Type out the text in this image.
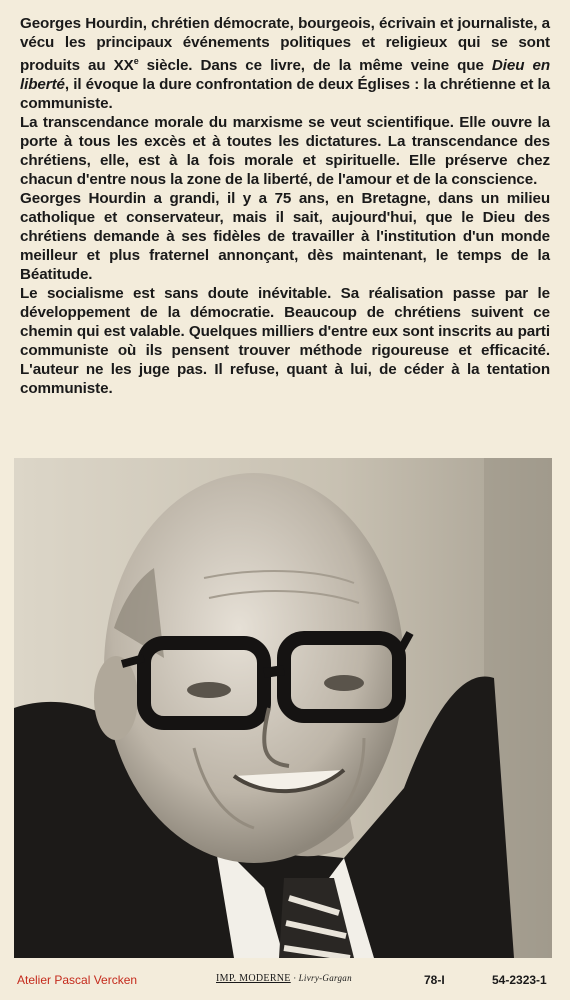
Georges Hourdin, chrétien démocrate, bourgeois, écrivain et journaliste, a vécu les principaux événements politiques et religieux qui se sont produits au XXe siècle. Dans ce livre, de la même veine que Dieu en liberté, il évoque la dure confrontation de deux Églises : la chrétienne et la communiste.

La transcendance morale du marxisme se veut scientifique. Elle ouvre la porte à tous les excès et à toutes les dictatures. La transcendance des chrétiens, elle, est à la fois morale et spirituelle. Elle préserve chez chacun d'entre nous la zone de la liberté, de l'amour et de la conscience.

Georges Hourdin a grandi, il y a 75 ans, en Bretagne, dans un milieu catholique et conservateur, mais il sait, aujourd'hui, que le Dieu des chrétiens demande à ses fidèles de travailler à l'institution d'un monde meilleur et plus fraternel annonçant, dès maintenant, le temps de la Béatitude.

Le socialisme est sans doute inévitable. Sa réalisation passe par le développement de la démocratie. Beaucoup de chrétiens suivent ce chemin qui est valable. Quelques milliers d'entre eux sont inscrits au parti communiste où ils pensent trouver méthode rigoureuse et efficacité. L'auteur ne les juge pas. Il refuse, quant à lui, de céder à la tentation communiste.

Atelier Pascal Vercken	IMP. MODERNE · Livry-Gargan	78-I	54-2323-1
